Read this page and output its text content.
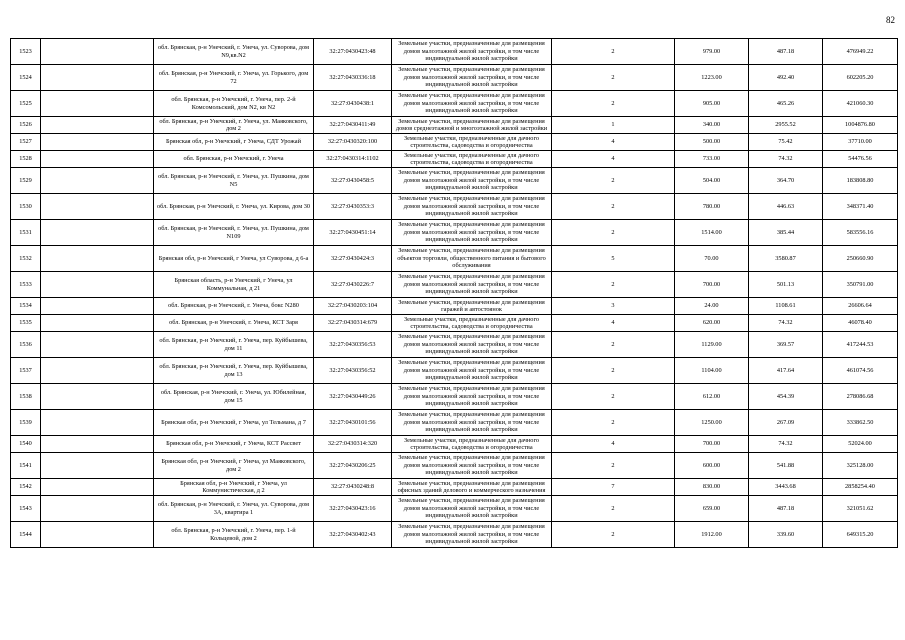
82
1523		обл. Брянская, р-н Унечский, г. Унеча, ул. Суворова, дом N9,кв.N2	32:27:0430423:48	Земельные участки, предназначенные для размещения домов малоэтажной жилой застройки, в том числе индивидуальной жилой застройки	2	979.00	487.18	476949.22
1524		обл. Брянская, р-н Унечский, г. Унеча, ул. Горького, дом 72	32:27:0430336:18	Земельные участки, предназначенные для размещения домов малоэтажной жилой застройки, в том числе индивидуальной жилой застройки	2	1223.00	492.40	602205.20
1525		обл. Брянская, р-н Унечский, г. Унеча, пер. 2-й Комсомольский, дом N2, кв N2	32:27:0430438:1	Земельные участки, предназначенные для размещения домов малоэтажной жилой застройки, в том числе индивидуальной жилой застройки	2	905.00	465.26	421060.30
1526		обл. Брянская, р-н Унечский, г. Унеча, ул. Маяковского, дом 2	32:27:0430411:49	Земельные участки, предназначенные для размещения домов среднеэтажной и многоэтажной жилой застройки	1	340.00	2955.52	1004876.80
1527		Брянская обл, р-н Унечский, г Унеча, СДТ Урожай	32:27:0430320:100	Земельные участки, предназначенные для дачного строительства, садоводства и огородничества	4	500.00	75.42	37710.00
1528		обл. Брянская, р-н Унечский, г. Унеча	32:27:0430314:1102	Земельные участки, предназначенные для дачного строительства, садоводства и огородничества	4	733.00	74.32	54476.56
1529		обл. Брянская, р-н Унечский, г. Унеча, ул. Пушкина, дом N5	32:27:0430458:5	Земельные участки, предназначенные для размещения домов малоэтажной жилой застройки, в том числе индивидуальной жилой застройки	2	504.00	364.70	183808.80
1530		обл. Брянская, р-н Унечский, г. Унеча, ул. Кирова, дом 30	32:27:0430353:3	Земельные участки, предназначенные для размещения домов малоэтажной жилой застройки, в том числе индивидуальной жилой застройки	2	780.00	446.63	348371.40
1531		обл. Брянская, р-н Унечский, г. Унеча, ул. Пушкина, дом N109	32:27:0430451:14	Земельные участки, предназначенные для размещения домов малоэтажной жилой застройки, в том числе индивидуальной жилой застройки	2	1514.00	385.44	583556.16
1532		Брянская обл, р-н Унечский, г Унеча, ул Суворова, д 6-а	32:27:0430424:3	Земельные участки, предназначенные для размещения объектов торговли, общественного питания и бытового обслуживания	5	70.00	3580.87	250660.90
1533		Брянская область, р-н Унечский, г Унеча, ул Коммунальная, д 21	32:27:0430226:7	Земельные участки, предназначенные для размещения домов малоэтажной жилой застройки, в том числе индивидуальной жилой застройки	2	700.00	501.13	350791.00
1534		обл. Брянская, р-н Унечский, г. Унеча, бокс N280	32:27:0430203:104	Земельные участки, предназначенные для размещения гаражей и автостоянок	3	24.00	1108.61	26606.64
1535		обл. Брянская, р-н Унечский, г. Унеча, КСТ Заря	32:27:0430314:679	Земельные участки, предназначенные для дачного строительства, садоводства и огородничества	4	620.00	74.32	46078.40
1536		обл. Брянская, р-н Унечский, г. Унеча, пер. Куйбышева, дом 11	32:27:0430356:53	Земельные участки, предназначенные для размещения домов малоэтажной жилой застройки, в том числе индивидуальной жилой застройки	2	1129.00	369.57	417244.53
1537		обл. Брянская, р-н Унечский, г. Унеча, пер. Куйбышева, дом 13	32:27:0430356:52	Земельные участки, предназначенные для размещения домов малоэтажной жилой застройки, в том числе индивидуальной жилой застройки	2	1104.00	417.64	461074.56
1538		обл. Брянская, р-н Унечский, г. Унеча, ул. Юбилейная, дом 15	32:27:0430449:26	Земельные участки, предназначенные для размещения домов малоэтажной жилой застройки, в том числе индивидуальной жилой застройки	2	612.00	454.39	278086.68
1539		Брянская обл, р-н Унечский, г Унеча, ул Тельмана, д 7	32:27:0430101:56	Земельные участки, предназначенные для размещения домов малоэтажной жилой застройки, в том числе индивидуальной жилой застройки	2	1250.00	267.09	333862.50
1540		Брянская обл, р-н Унечский, г Унеча, КСТ Рассвет	32:27:0430314:320	Земельные участки, предназначенные для дачного строительства, садоводства и огородничества	4	700.00	74.32	52024.00
1541		Брянская обл, р-н Унечский, г Унеча, ул Маяковского, дом 2	32:27:0430206:25	Земельные участки, предназначенные для размещения домов малоэтажной жилой застройки, в том числе индивидуальной жилой застройки	2	600.00	541.88	325128.00
1542		Брянская обл, р-н Унечский, г Унеча, ул Коммунистическая, д 2	32:27:0430248:8	Земельные участки, предназначенные для размещения офисных зданий делового и коммерческого назначения	7	830.00	3443.68	2858254.40
1543		обл. Брянская, р-н Унечский, г. Унеча, ул. Суворова, дом 3А, квартира 1	32:27:0430423:16	Земельные участки, предназначенные для размещения домов малоэтажной жилой застройки, в том числе индивидуальной жилой застройки	2	659.00	487.18	321051.62
1544		обл. Брянская, р-н Унечский, г. Унеча, пер. 1-й Кольцевой, дом 2	32:27:0430402:43	Земельные участки, предназначенные для размещения домов малоэтажной жилой застройки, в том числе индивидуальной жилой застройки	2	1912.00	339.60	649315.20
